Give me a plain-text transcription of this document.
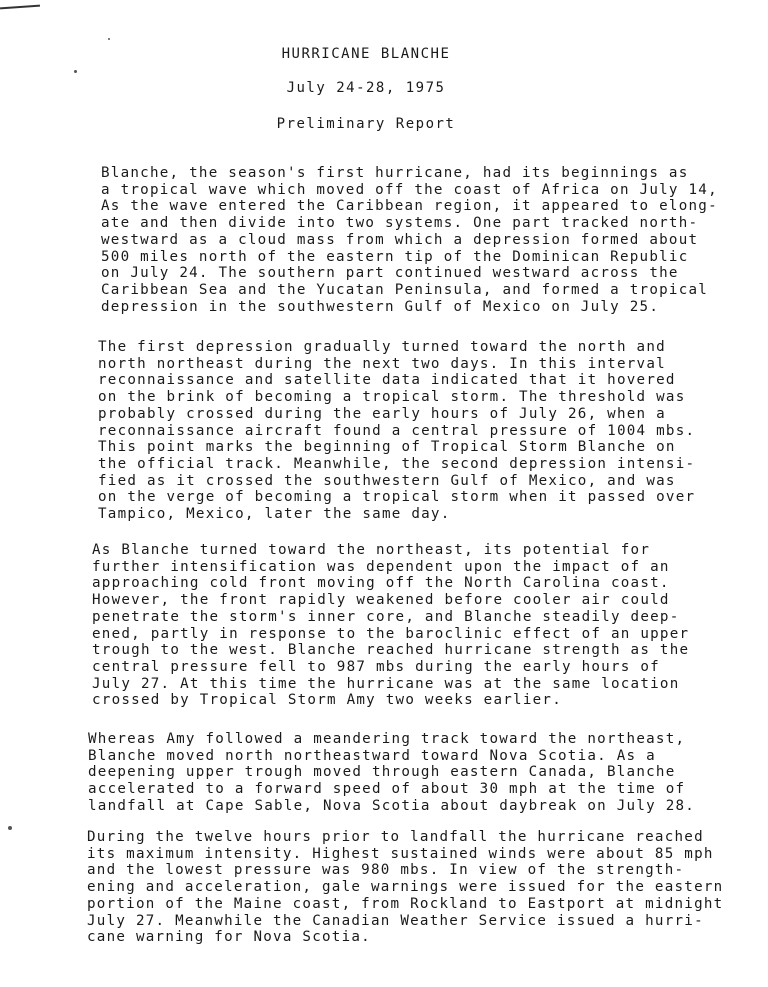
HURRICANE BLANCHE
July 24-28, 1975
Preliminary Report
Blanche, the season's first hurricane, had its beginnings as
a tropical wave which moved off the coast of Africa on July 14,
As the wave entered the Caribbean region, it appeared to elong-
ate and then divide into two systems. One part tracked north-
westward as a cloud mass from which a depression formed about
500 miles north of the eastern tip of the Dominican Republic
on July 24. The southern part continued westward across the
Caribbean Sea and the Yucatan Peninsula, and formed a tropical
depression in the southwestern Gulf of Mexico on July 25.
The first depression gradually turned toward the north and
north northeast during the next two days. In this interval
reconnaissance and satellite data indicated that it hovered
on the brink of becoming a tropical storm. The threshold was
probably crossed during the early hours of July 26, when a
reconnaissance aircraft found a central pressure of 1004 mbs.
This point marks the beginning of Tropical Storm Blanche on
the official track. Meanwhile, the second depression intensi-
fied as it crossed the southwestern Gulf of Mexico, and was
on the verge of becoming a tropical storm when it passed over
Tampico, Mexico, later the same day.
As Blanche turned toward the northeast, its potential for
further intensification was dependent upon the impact of an
approaching cold front moving off the North Carolina coast.
However, the front rapidly weakened before cooler air could
penetrate the storm's inner core, and Blanche steadily deep-
ened, partly in response to the baroclinic effect of an upper
trough to the west. Blanche reached hurricane strength as the
central pressure fell to 987 mbs during the early hours of
July 27. At this time the hurricane was at the same location
crossed by Tropical Storm Amy two weeks earlier.
Whereas Amy followed a meandering track toward the northeast,
Blanche moved north northeastward toward Nova Scotia. As a
deepening upper trough moved through eastern Canada, Blanche
accelerated to a forward speed of about 30 mph at the time of
landfall at Cape Sable, Nova Scotia about daybreak on July 28.
During the twelve hours prior to landfall the hurricane reached
its maximum intensity. Highest sustained winds were about 85 mph
and the lowest pressure was 980 mbs. In view of the strength-
ening and acceleration, gale warnings were issued for the eastern
portion of the Maine coast, from Rockland to Eastport at midnight
July 27. Meanwhile the Canadian Weather Service issued a hurri-
cane warning for Nova Scotia.
